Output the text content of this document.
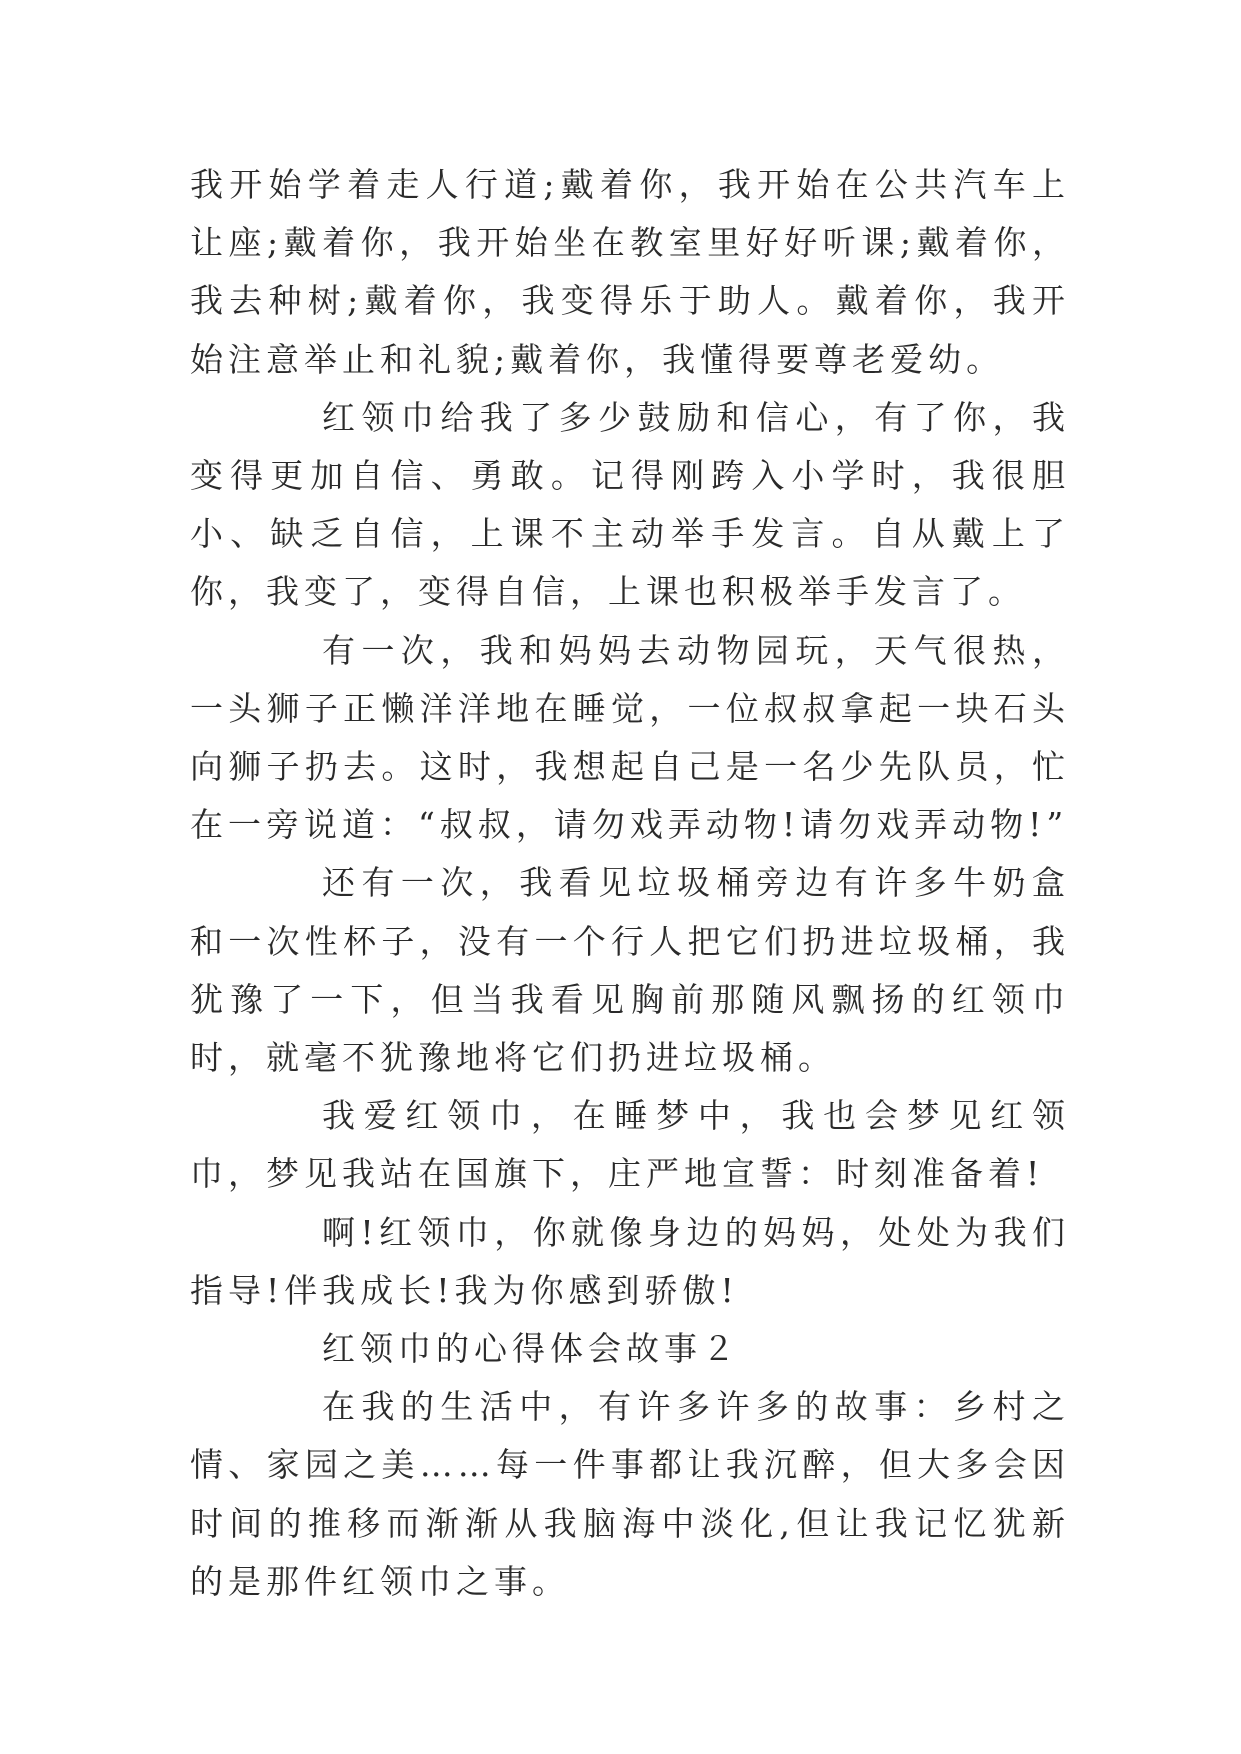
我开始学着走人行道;戴着你，我开始在公共汽车上让座;戴着你，我开始坐在教室里好好听课;戴着你，我去种树;戴着你，我变得乐于助人。戴着你，我开始注意举止和礼貌;戴着你，我懂得要尊老爱幼。

红领巾给我了多少鼓励和信心，有了你，我变得更加自信、勇敢。记得刚跨入小学时，我很胆小、缺乏自信，上课不主动举手发言。自从戴上了你，我变了，变得自信，上课也积极举手发言了。

有一次，我和妈妈去动物园玩，天气很热，一头狮子正懒洋洋地在睡觉，一位叔叔拿起一块石头向狮子扔去。这时，我想起自己是一名少先队员，忙在一旁说道：“叔叔，请勿戏弄动物!请勿戏弄动物!”

还有一次，我看见垃圾桶旁边有许多牛奶盒和一次性杯子，没有一个行人把它们扔进垃圾桶，我犹豫了一下，但当我看见胸前那随风飘扬的红领巾时，就毫不犹豫地将它们扔进垃圾桶。

我爱红领巾，在睡梦中，我也会梦见红领巾，梦见我站在国旗下，庄严地宣誓：时刻准备着!

啊!红领巾，你就像身边的妈妈，处处为我们指导!伴我成长!我为你感到骄傲!

红领巾的心得体会故事２

在我的生活中，有许多许多的故事：乡村之情、家园之美……每一件事都让我沉醉，但大多会因时间的推移而渐渐从我脑海中淡化,但让我记忆犹新的是那件红领巾之事。
